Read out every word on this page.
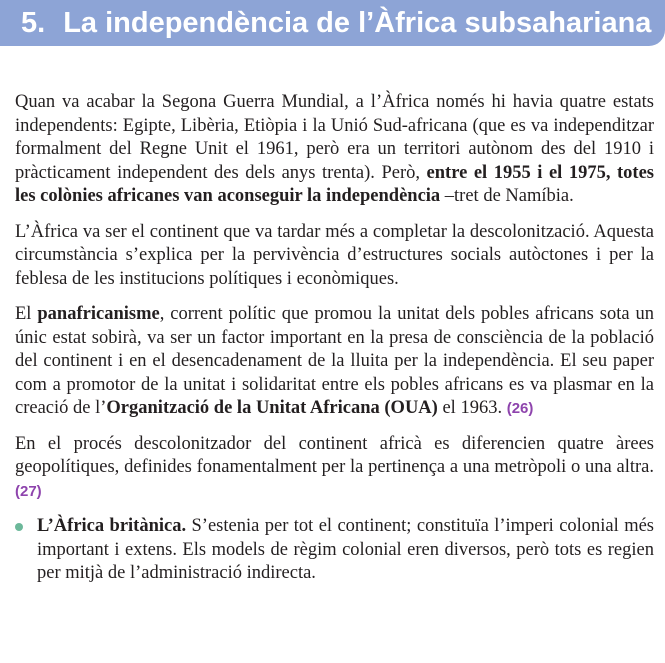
5. La independència de l’Àfrica subsahariana

Quan va acabar la Segona Guerra Mundial, a l’Àfrica només hi havia quatre estats independents: Egipte, Libèria, Etiòpia i la Unió Sud-africana (que es va independitzar formalment del Regne Unit el 1961, però era un territori autònom des del 1910 i pràcticament independent des dels anys trenta). Però, entre el 1955 i el 1975, totes les colònies africanes van aconseguir la independència –tret de Namíbia.

L’Àfrica va ser el continent que va tardar més a completar la descolonització. Aquesta circumstància s’explica per la pervivència d’estructures socials autòctones i per la feblesa de les institucions polítiques i econòmiques.

El panafricanisme, corrent polític que promou la unitat dels pobles africans sota un únic estat sobirà, va ser un factor important en la presa de consciència de la població del continent i en el desencadenament de la lluita per la independència. El seu paper com a promotor de la unitat i solidaritat entre els pobles africans es va plasmar en la creació de l’Organització de la Unitat Africana (OUA) el 1963. (26)

En el procés descolonitzador del continent africà es diferencien quatre àrees geopolítiques, definides fonamentalment per la pertinença a una metròpoli o una altra. (27)

L’Àfrica britànica. S’estenia per tot el continent; constituïa l’imperi colonial més important i extens. Els models de règim colonial eren diversos, però tots es regien per mitjà de l’administració indirecta.
